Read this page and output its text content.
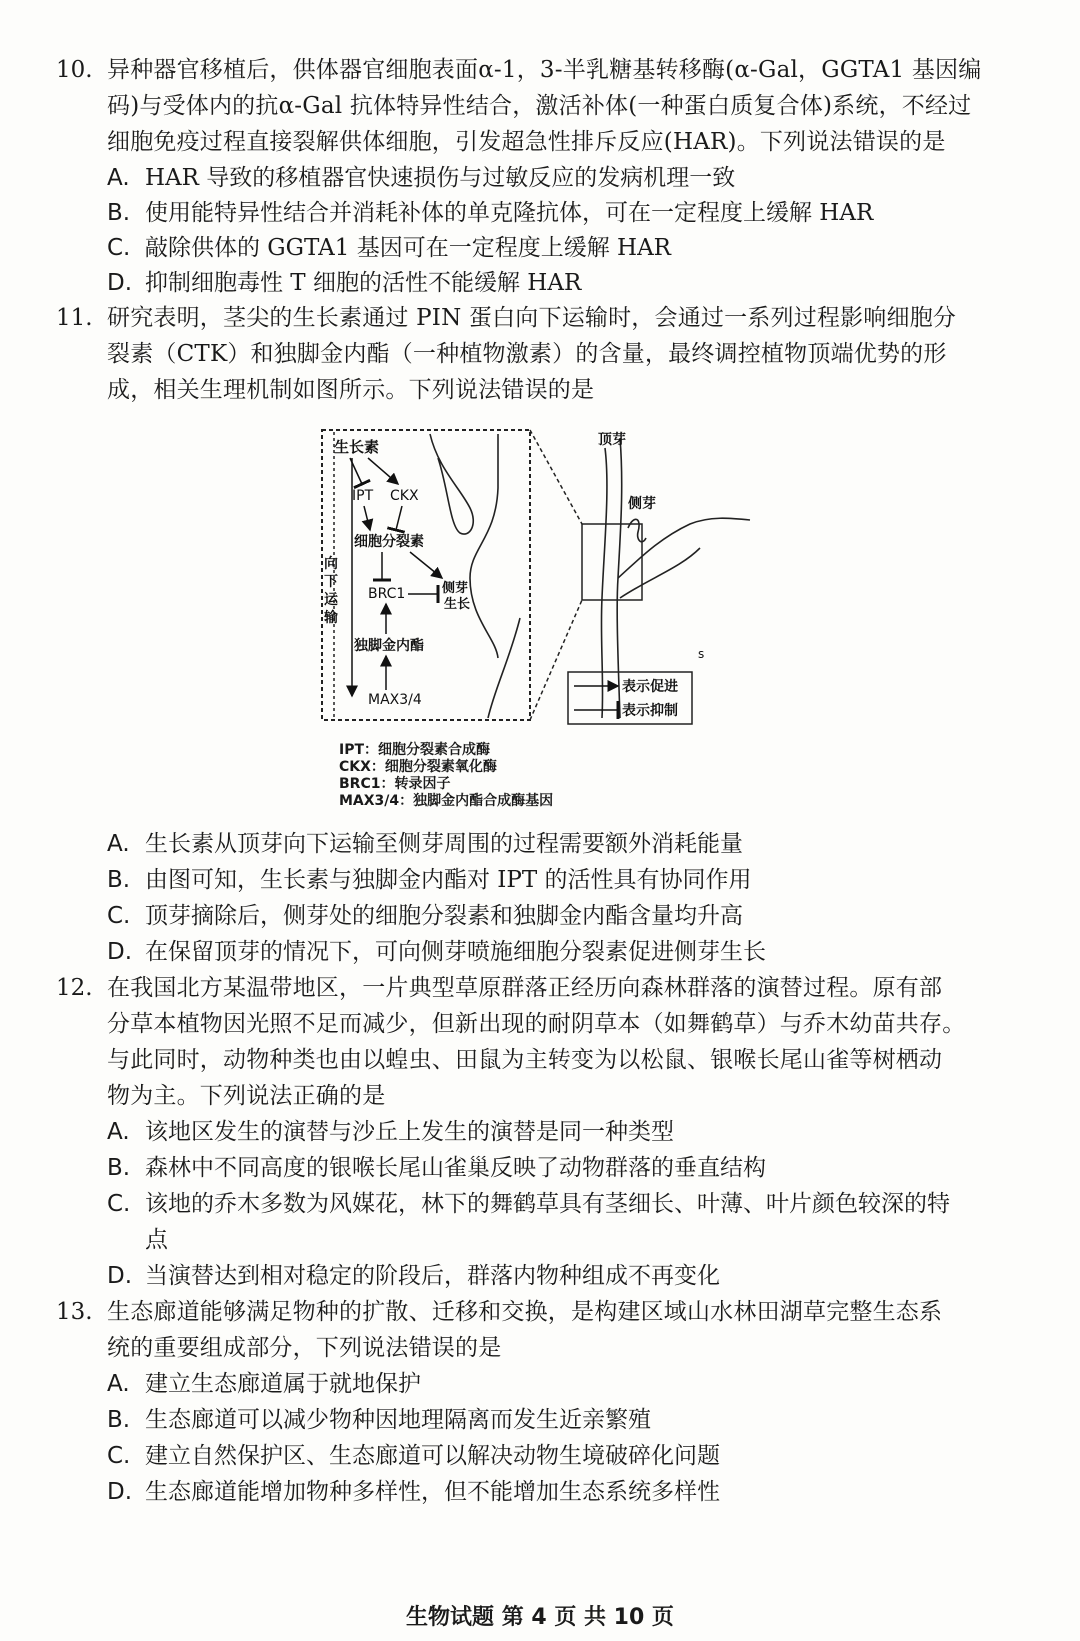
10. 异种器官移植后，供体器官细胞表面α-1，3-半乳糖基转移酶(α-Gal，GGTA1 基因编
码)与受体内的抗α-Gal 抗体特异性结合，激活补体(一种蛋白质复合体)系统，不经过
细胞免疫过程直接裂解供体细胞，引发超急性排斥反应(HAR)。下列说法错误的是
A. HAR 导致的移植器官快速损伤与过敏反应的发病机理一致
B. 使用能特异性结合并消耗补体的单克隆抗体，可在一定程度上缓解 HAR
C. 敲除供体的 GGTA1 基因可在一定程度上缓解 HAR
D. 抑制细胞毒性 T 细胞的活性不能缓解 HAR
11. 研究表明，茎尖的生长素通过 PIN 蛋白向下运输时，会通过一系列过程影响细胞分
裂素（CTK）和独脚金内酯（一种植物激素）的含量，最终调控植物顶端优势的形
成，相关生理机制如图所示。下列说法错误的是
生长素
IPT CKX
细胞分裂素
向
下
运
输
BRC1	侧芽
生长
独脚金内酯
MAX3/4
顶芽
侧芽
s
表示促进
表示抑制
IPT：细胞分裂素合成酶
CKX：细胞分裂素氧化酶
BRC1：转录因子
MAX3/4：独脚金内酯合成酶基因
A. 生长素从顶芽向下运输至侧芽周围的过程需要额外消耗能量
B. 由图可知，生长素与独脚金内酯对 IPT 的活性具有协同作用
C. 顶芽摘除后，侧芽处的细胞分裂素和独脚金内酯含量均升高
D. 在保留顶芽的情况下，可向侧芽喷施细胞分裂素促进侧芽生长
12. 在我国北方某温带地区，一片典型草原群落正经历向森林群落的演替过程。原有部
分草本植物因光照不足而减少，但新出现的耐阴草本（如舞鹤草）与乔木幼苗共存。
与此同时，动物种类也由以蝗虫、田鼠为主转变为以松鼠、银喉长尾山雀等树栖动
物为主。下列说法正确的是
A. 该地区发生的演替与沙丘上发生的演替是同一种类型
B. 森林中不同高度的银喉长尾山雀巢反映了动物群落的垂直结构
C. 该地的乔木多数为风媒花，林下的舞鹤草具有茎细长、叶薄、叶片颜色较深的特
点
D. 当演替达到相对稳定的阶段后，群落内物种组成不再变化
13. 生态廊道能够满足物种的扩散、迁移和交换，是构建区域山水林田湖草完整生态系
统的重要组成部分，下列说法错误的是
A. 建立生态廊道属于就地保护
B. 生态廊道可以减少物种因地理隔离而发生近亲繁殖
C. 建立自然保护区、生态廊道可以解决动物生境破碎化问题
D. 生态廊道能增加物种多样性，但不能增加生态系统多样性
生物试题 第 4 页 共 10 页
